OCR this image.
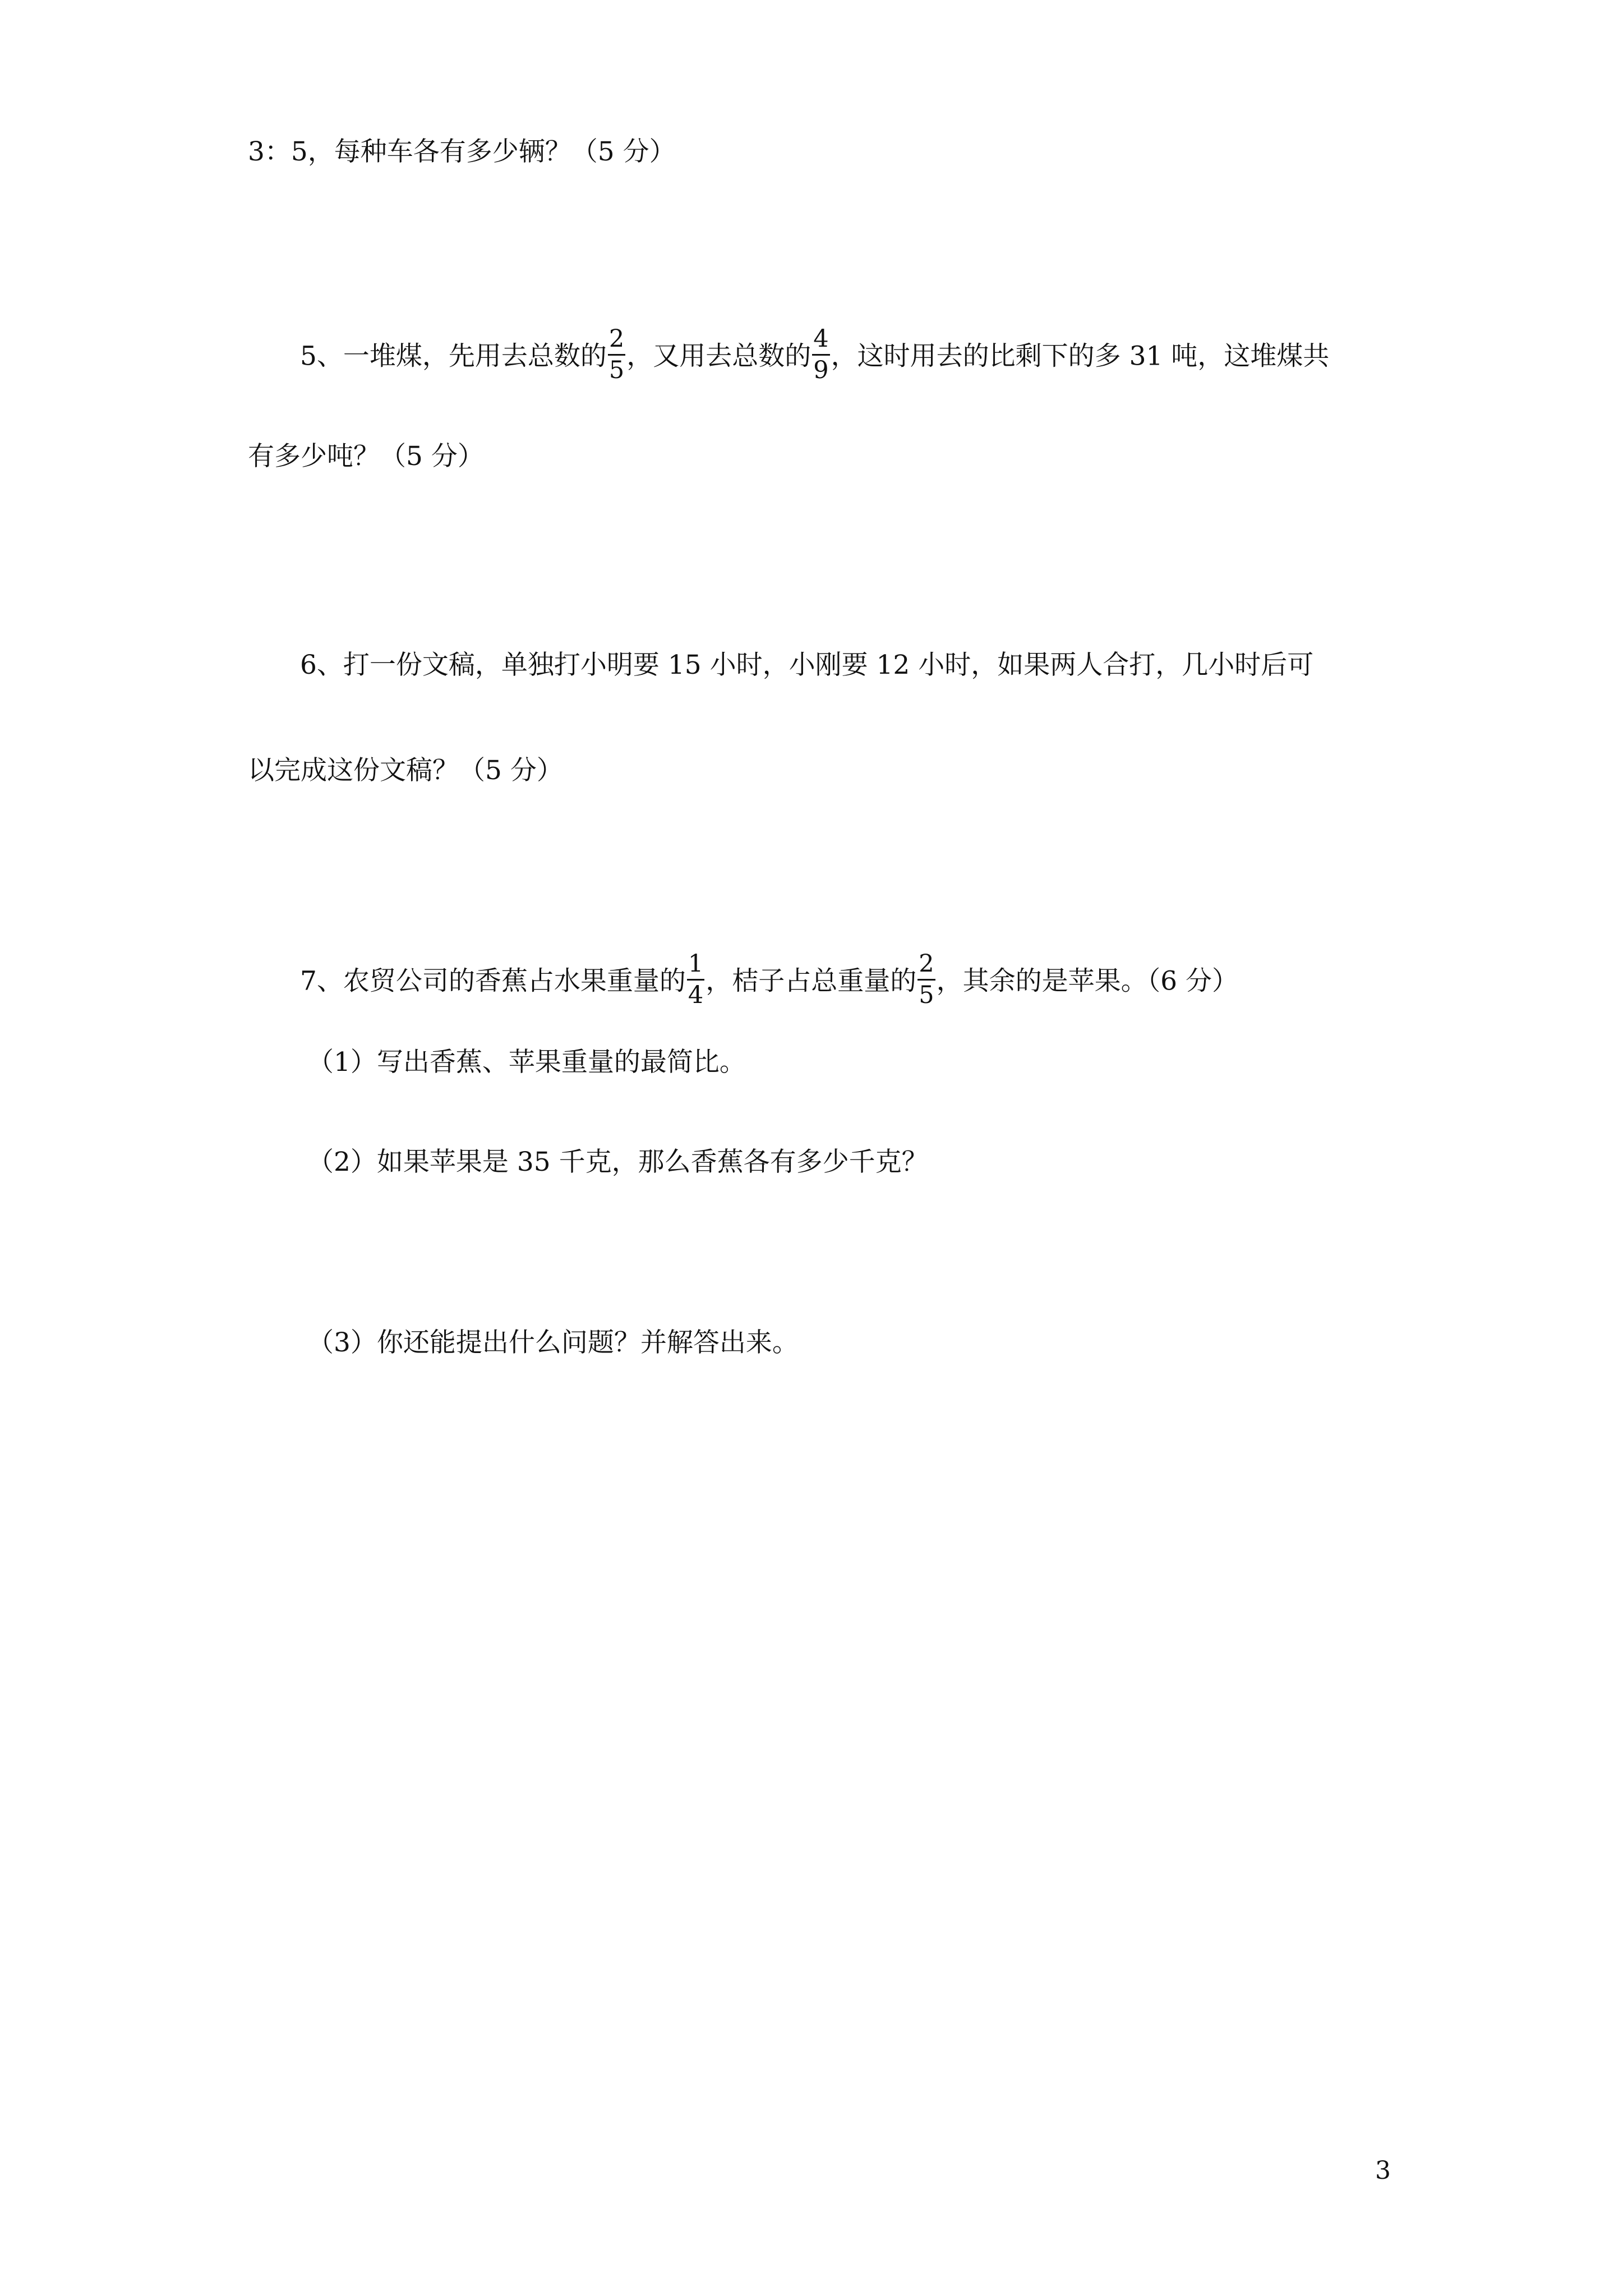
3：5，每种车各有多少辆？（5 分）
5、一堆煤，先用去总数的 $\frac{2}{5}$ ，又用去总数的 $\frac{4}{9}$ ，这时用去的比剩下的多 31 吨，这堆煤共
有多少吨？（5 分）
6、打一份文稿，单独打小明要 15 小时，小刚要 12 小时，如果两人合打，几小时后可
以完成这份文稿？（5 分）
7、农贸公司的香蕉占水果重量的 $\frac{1}{4}$ ，桔子占总重量的 $\frac{2}{5}$ ，其余的是苹果。（6 分）
（1）写出香蕉、苹果重量的最简比。
（2）如果苹果是 35 千克，那么香蕉各有多少千克？
（3）你还能提出什么问题？并解答出来。
3
